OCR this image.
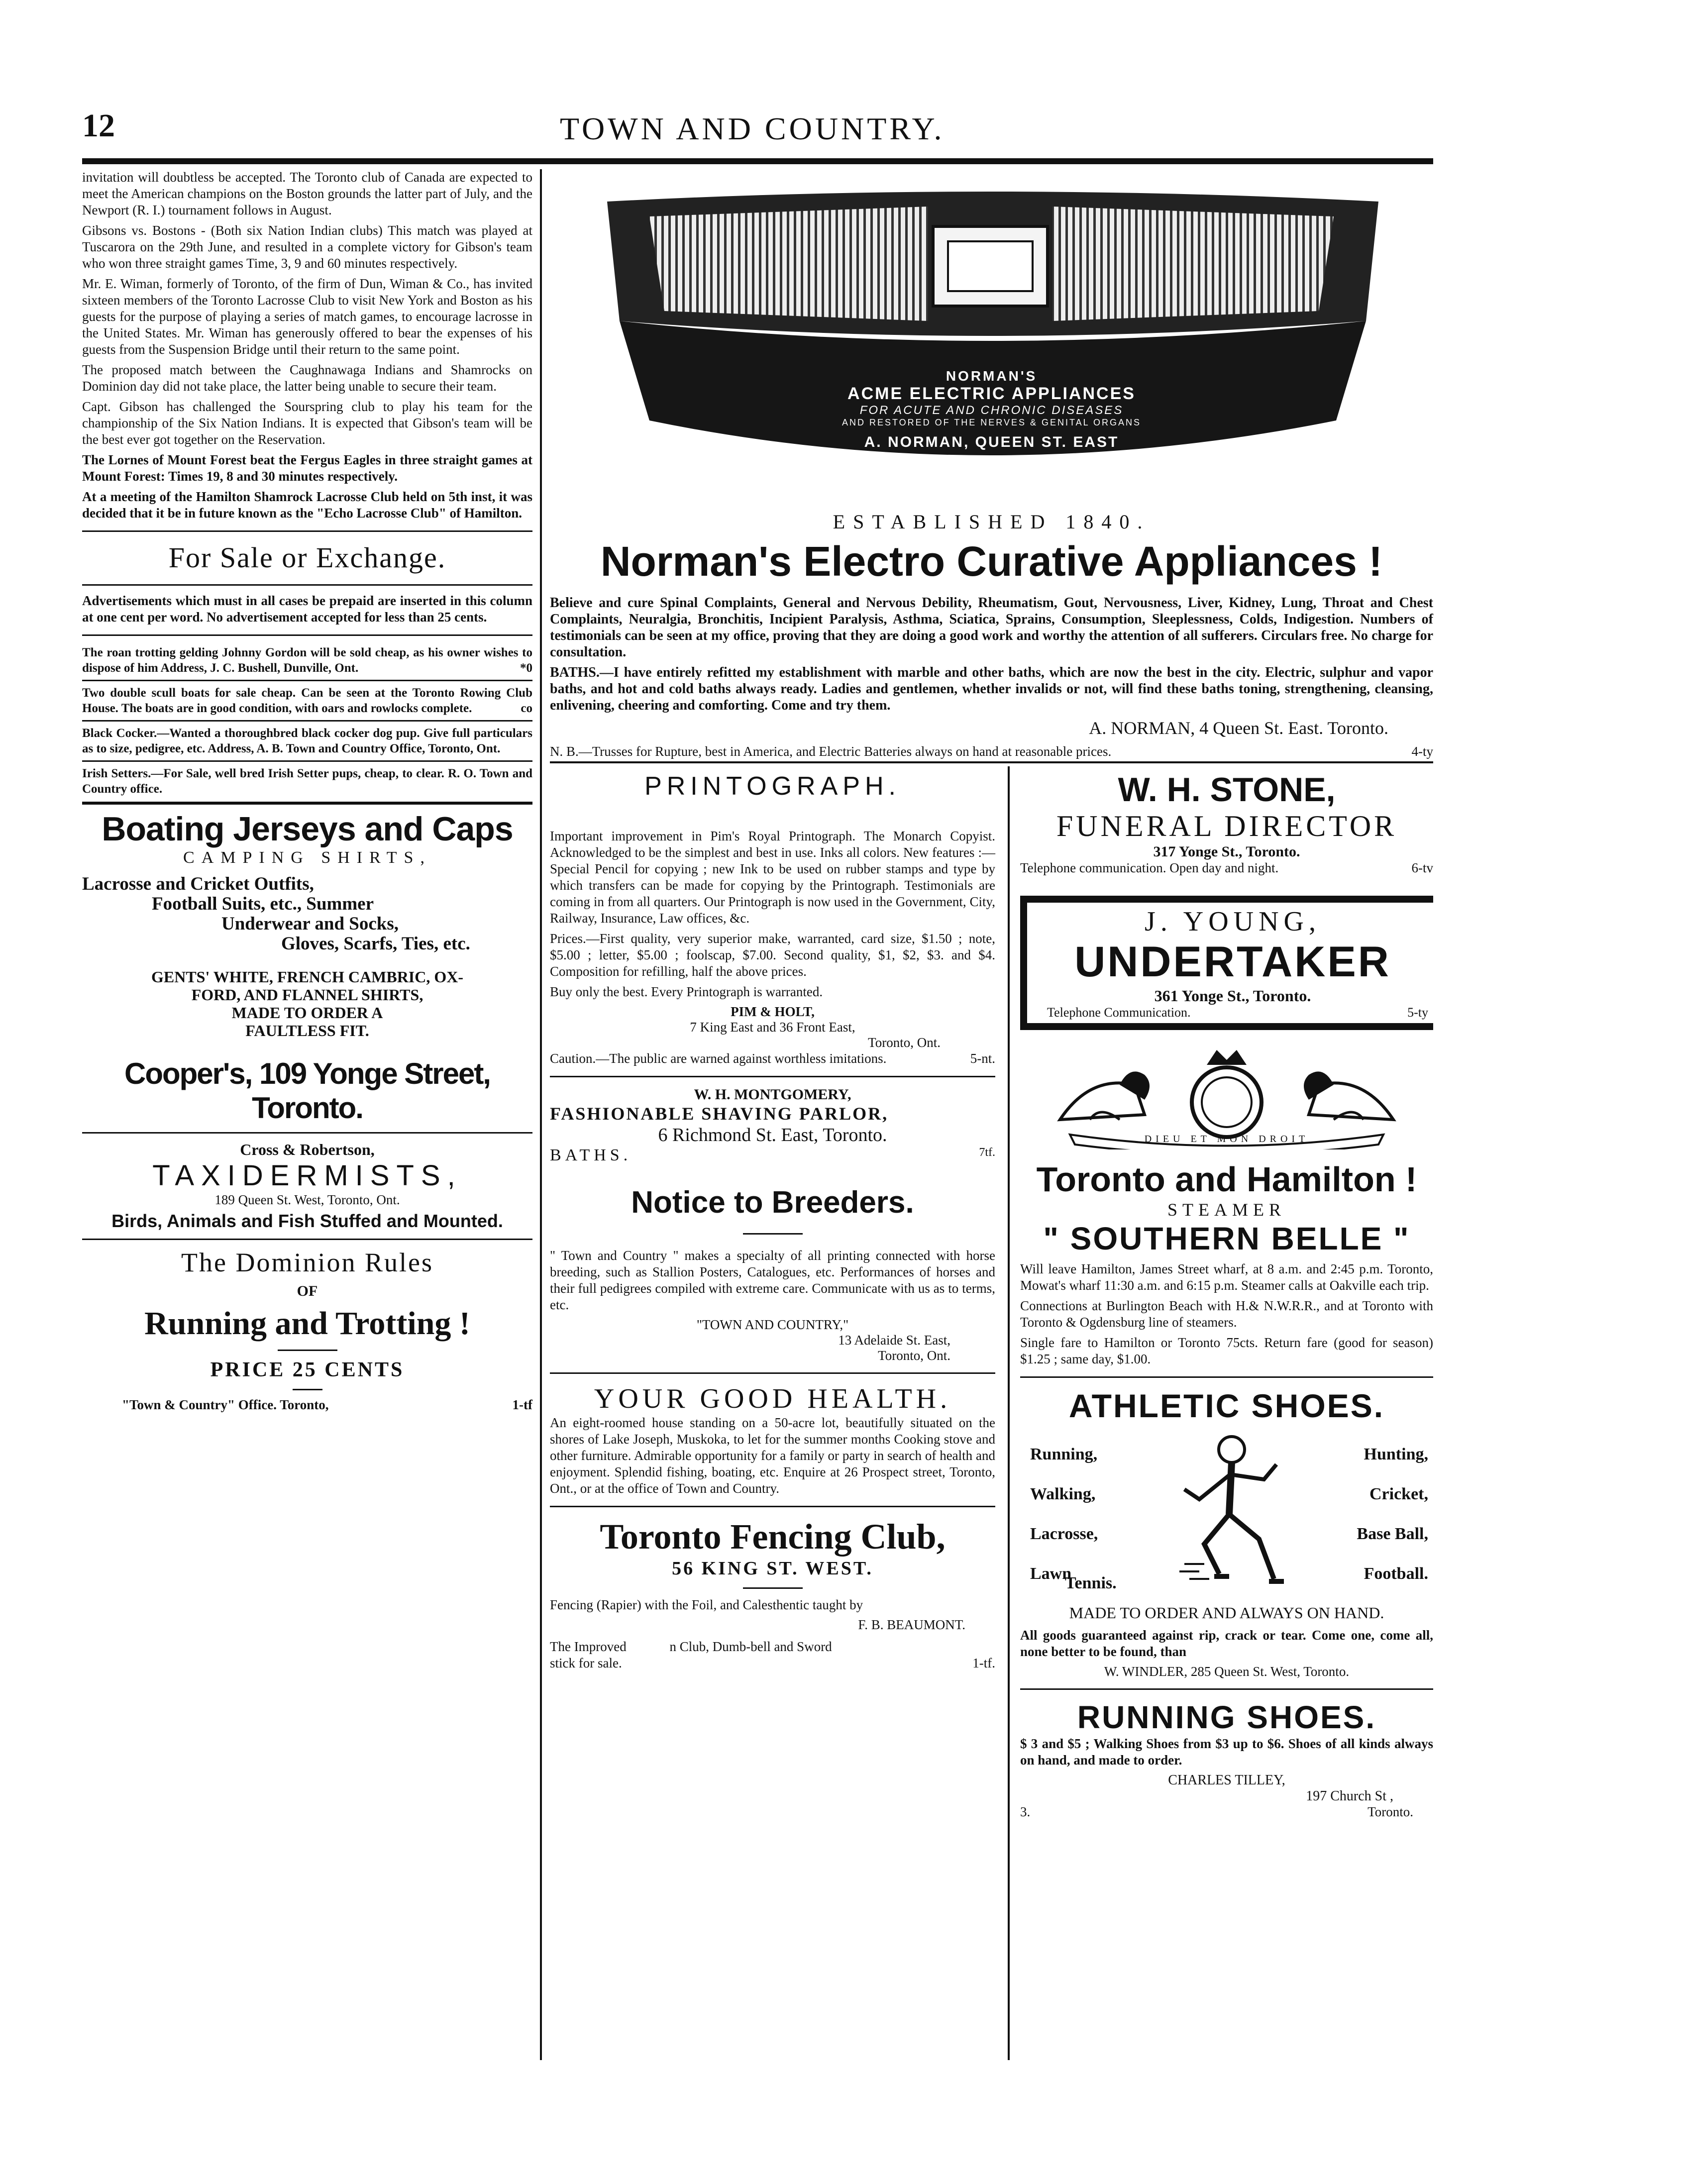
12	TOWN AND COUNTRY.

invitation will doubtless be accepted. The Toronto club of Canada are expected to meet the American champions on the Boston grounds the latter part of July, and the Newport (R. I.) tournament follows in August.

Gibsons vs. Bostons - (Both six Nation Indian clubs) This match was played at Tuscarora on the 29th June, and resulted in a complete victory for Gibson's team who won three straight games Time, 3, 9 and 60 minutes respectively.

Mr. E. Wiman, formerly of Toronto, of the firm of Dun, Wiman & Co., has invited sixteen members of the Toronto Lacrosse Club to visit New York and Boston as his guests for the purpose of playing a series of match games, to encourage lacrosse in the United States. Mr. Wiman has generously offered to bear the expenses of his guests from the Suspension Bridge until their return to the same point.

The proposed match between the Caughnawaga Indians and Shamrocks on Dominion day did not take place, the latter being unable to secure their team.

Capt. Gibson has challenged the Sourspring club to play his team for the championship of the Six Nation Indians. It is expected that Gibson's team will be the best ever got together on the Reservation.

The Lornes of Mount Forest beat the Fergus Eagles in three straight games at Mount Forest: Times 19, 8 and 30 minutes respectively.

At a meeting of the Hamilton Shamrock Lacrosse Club held on 5th inst, it was decided that it be in future known as the "Echo Lacrosse Club" of Hamilton.

For Sale or Exchange.

Advertisements which must in all cases be prepaid are inserted in this column at one cent per word. No advertisement accepted for less than 25 cents.

The roan trotting gelding Johnny Gordon will be sold cheap, as his owner wishes to dispose of him Address, J. C. Bushell, Dunville, Ont.	*0

Two double scull boats for sale cheap. Can be seen at the Toronto Rowing Club House. The boats are in good condition, with oars and rowlocks complete.	co

Black Cocker.—Wanted a thoroughbred black cocker dog pup. Give full particulars as to size, pedigree, etc. Address, A. B. Town and Country Office, Toronto, Ont.

Irish Setters.—For Sale, well bred Irish Setter pups, cheap, to clear. R. O. Town and Country office.

Boating Jerseys and Caps
CAMPING SHIRTS,
Lacrosse and Cricket Outfits,
Football Suits, etc., Summer
Underwear and Socks,
Gloves, Scarfs, Ties, etc.
GENTS' WHITE, FRENCH CAMBRIC, OX-
FORD, AND FLANNEL SHIRTS,
MADE TO ORDER A
FAULTLESS FIT.
Cooper's, 109 Yonge Street, Toronto.
Cross & Robertson,
TAXIDERMISTS,
189 Queen St. West, Toronto, Ont.
Birds, Animals and Fish Stuffed and Mounted.
The Dominion Rules
OF
Running and Trotting !
PRICE 25 CENTS
"Town & Country" Office. Toronto,	1-tf
NORMAN'S
ACME ELECTRIC APPLIANCES
FOR ACUTE AND CHRONIC DISEASES
AND RESTORED OF THE NERVES & GENITAL ORGANS
A. NORMAN, QUEEN ST. EAST
ESTABLISHED 1840.
Norman's Electro Curative Appliances !

Believe and cure Spinal Complaints, General and Nervous Debility, Rheumatism, Gout, Nervousness, Liver, Kidney, Lung, Throat and Chest Complaints, Neuralgia, Bronchitis, Incipient Paralysis, Asthma, Sciatica, Sprains, Consumption, Sleeplessness, Colds, Indigestion. Numbers of testimonials can be seen at my office, proving that they are doing a good work and worthy the attention of all sufferers. Circulars free. No charge for consultation.

BATHS.—I have entirely refitted my establishment with marble and other baths, which are now the best in the city. Electric, sulphur and vapor baths, and hot and cold baths always ready. Ladies and gentlemen, whether invalids or not, will find these baths toning, strengthening, cleansing, enlivening, cheering and comforting. Come and try them.

A. NORMAN, 4 Queen St. East. Toronto.

N. B.—Trusses for Rupture, best in America, and Electric Batteries always on hand at reasonable prices.	4-ty

PRINTOGRAPH.

Important improvement in Pim's Royal Printograph. The Monarch Copyist. Acknowledged to be the simplest and best in use. Inks all colors. New features :—Special Pencil for copying ; new Ink to be used on rubber stamps and type by which transfers can be made for copying by the Printograph. Testimonials are coming in from all quarters. Our Printograph is now used in the Government, City, Railway, Insurance, Law offices, &c.

Prices.—First quality, very superior make, warranted, card size, $1.50 ; note, $5.00 ; letter, $5.00 ; foolscap, $7.00. Second quality, $1, $2, $3. and $4. Composition for refilling, half the above prices.

Buy only the best. Every Printograph is warranted.

PIM & HOLT,
7 King East and 36 Front East,
Toronto, Ont.

Caution.—The public are warned against worthless imitations.	5-nt.

W. H. MONTGOMERY,
FASHIONABLE SHAVING PARLOR,
6 Richmond St. East, Toronto.
BATHS.	7tf.
Notice to Breeders.

" Town and Country " makes a specialty of all printing connected with horse breeding, such as Stallion Posters, Catalogues, etc. Performances of horses and their full pedigrees compiled with extreme care. Communicate with us as to terms, etc.

"TOWN AND COUNTRY,"
13 Adelaide St. East,
Toronto, Ont.
YOUR GOOD HEALTH.

An eight-roomed house standing on a 50-acre lot, beautifully situated on the shores of Lake Joseph, Muskoka, to let for the summer months Cooking stove and other furniture. Admirable opportunity for a family or party in search of health and enjoyment. Splendid fishing, boating, etc. Enquire at 26 Prospect street, Toronto, Ont., or at the office of Town and Country.

Toronto Fencing Club,
56 KING ST. WEST.

Fencing (Rapier) with the Foil, and Calesthentic taught by

F. B. BEAUMONT.

The Improved	n Club, Dumb-bell and Sword
stick for sale.	1-tf.

W. H. STONE,
FUNERAL DIRECTOR
317 Yonge St., Toronto.
Telephone communication. Open day and night.	6-tv
J. YOUNG,
UNDERTAKER
361 Yonge St., Toronto.
Telephone Communication.	5-ty
DIEU ET MON DROIT
Toronto and Hamilton !
STEAMER
" SOUTHERN BELLE "

Will leave Hamilton, James Street wharf, at 8 a.m. and 2:45 p.m. Toronto, Mowat's wharf 11:30 a.m. and 6:15 p.m. Steamer calls at Oakville each trip.

Connections at Burlington Beach with H.& N.W.R.R., and at Toronto with Toronto & Ogdensburg line of steamers.

Single fare to Hamilton or Toronto 75cts. Return fare (good for season) $1.25 ; same day, $1.00.

ATHLETIC SHOES.
Running,
Walking,
Lacrosse,
Lawn
Tennis.
Hunting,
Cricket,
Base Ball,
Football.
MADE TO ORDER AND ALWAYS ON HAND.

All goods guaranteed against rip, crack or tear. Come one, come all, none better to be found, than

W. WINDLER, 285 Queen St. West, Toronto.
RUNNING SHOES.

$ 3 and $5 ; Walking Shoes from $3 up to $6. Shoes of all kinds always on hand, and made to order.

CHARLES TILLEY,
197 Church St ,
3.	Toronto.
